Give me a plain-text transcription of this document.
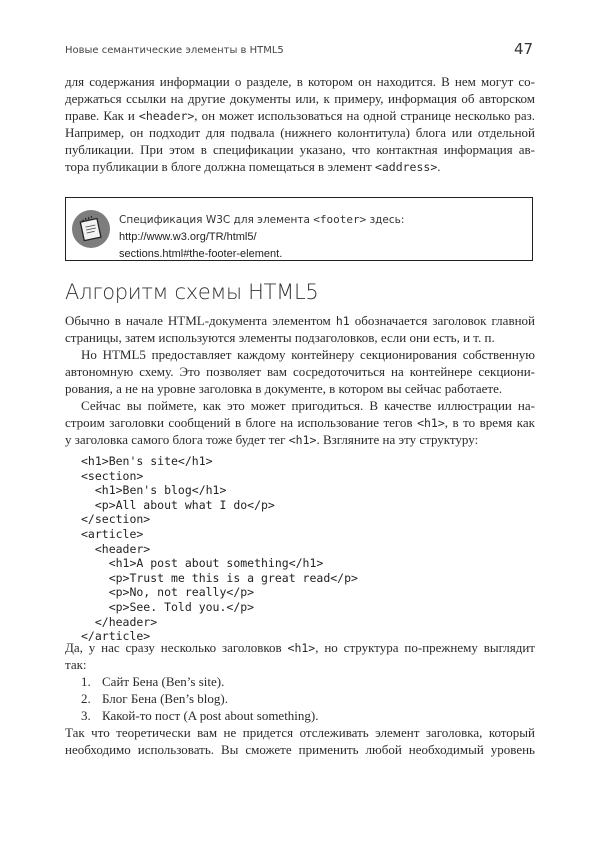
Новые семантические элементы в HTML5	47
для содержания информации о разделе, в котором он находится. В нем могут со-
держаться ссылки на другие документы или, к примеру, информация об авторском
праве. Как и <header>, он может использоваться на одной странице несколько раз.
Например, он подходит для подвала (нижнего колонтитула) блога или отдельной
публикации. При этом в спецификации указано, что контактная информация ав-
тора публикации в блоге должна помещаться в элемент <address>.
Спецификация W3C для элемента <footer> здесь: http://www.w3.org/TR/html5/
sections.html#the-footer-element.
Алгоритм схемы HTML5
Обычно в начале HTML-документа элементом h1 обозначается заголовок главной
страницы, затем используются элементы подзаголовков, если они есть, и т. п.
Но HTML5 предоставляет каждому контейнеру секционирования собственную
автономную схему. Это позволяет вам сосредоточиться на контейнере секциони-
рования, а не на уровне заголовка в документе, в котором вы сейчас работаете.
Сейчас вы поймете, как это может пригодиться. В качестве иллюстрации на-
строим заголовки сообщений в блоге на использование тегов <h1>, в то время как
у заголовка самого блога тоже будет тег <h1>. Взгляните на эту структуру:
<h1>Ben's site</h1>
<section>
<h1>Ben's blog</h1>
<p>All about what I do</p>
</section>
<article>
<header>
<h1>A post about something</h1>
<p>Trust me this is a great read</p>
<p>No, not really</p>
<p>See. Told you.</p>
</header>
</article>
Да, у нас сразу несколько заголовков <h1>, но структура по-прежнему выглядит
так:
1. Сайт Бена (Ben’s site).
2. Блог Бена (Ben’s blog).
3. Какой-то пост (A post about something).
Так что теоретически вам не придется отслеживать элемент заголовка, который
необходимо использовать. Вы сможете применить любой необходимый уровень
